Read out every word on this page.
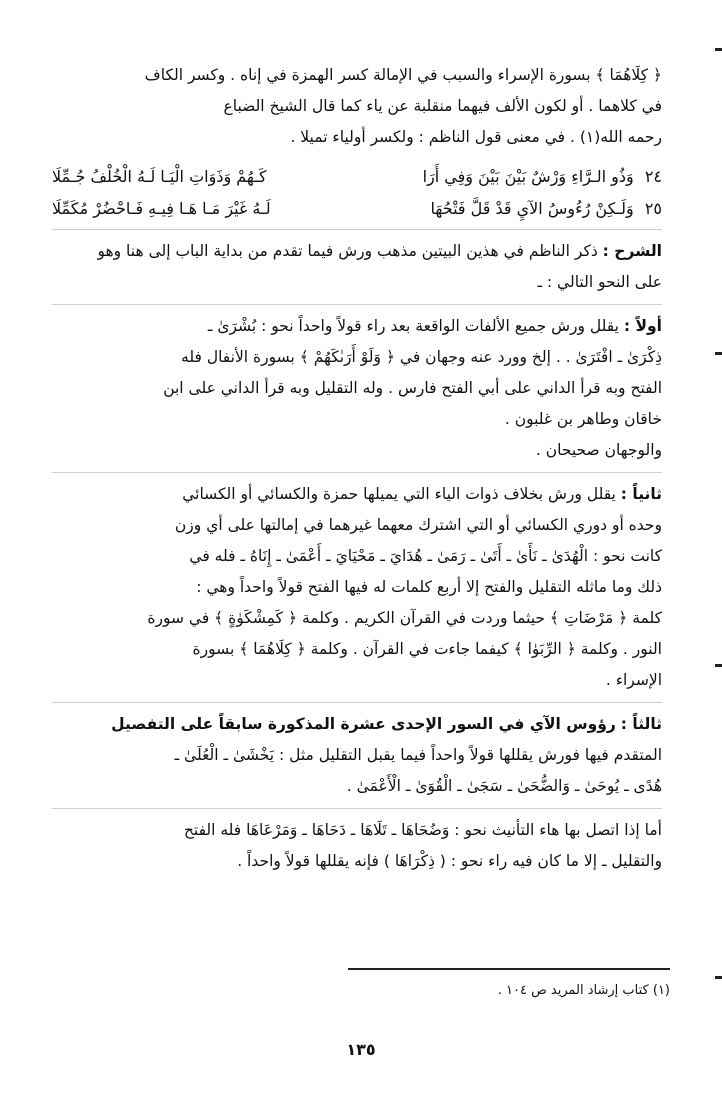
﴿ كِلَاهُمَا ﴾ بسورة الإسراء والسبب في الإمالة كسر الهمزة في إناه . وكسر الكاف
في كلاهما . أو لكون الألف فيهما منقلبة عن ياء كما قال الشيخ الضباع
رحمه الله(١) . في معنى قول الناظم : ولكسر أولياء تميلا .
٢٤ وَذُو الـرَّاءِ وَرْشٌ بَيْنَ بَيْنَ وَفِي أَرَا
كَـهُمْ وَذَوَاتِ الْيَـا لَـهُ الْخُلْفُ جُـمِّلَا
٢٥ وَلَـكِنْ رُءُوسُ الآيِ قَدْ قَلَّ فَتْحُهَا
لَـهُ غَيْرَ مَـا هَـا فِيـهِ فَـاحْضُرْ مُكَمِّلَا
الشرح : ذكر الناظم في هذين البيتين مذهب ورش فيما تقدم من بداية الباب إلى هنا وهو
على النحو التالي : ـ
أولاً : يقلل ورش جميع الألفات الواقعة بعد راء قولاً واحداً نحو : بُشْرَىٰ ـ
ذِكْرَىٰ ـ افْتَرَىٰ . . إلخ وورد عنه وجهان في ﴿ وَلَوْ أَرَىٰكَهُمْ ﴾ بسورة الأنفال فله
الفتح وبه قرأ الداني على أبي الفتح فارس . وله التقليل وبه قرأ الداني على ابن
خاقان وطاهر بن غلبون .
والوجهان صحيحان .
ثانياً : يقلل ورش بخلاف ذوات الياء التي يميلها حمزة والكسائي أو الكسائي
وحده أو دوري الكسائي أو التي اشترك معهما غيرهما في إمالتها على أي وزن
كانت نحو : الْهُدَىٰ ـ نَأَىٰ ـ أَتَىٰ ـ رَمَىٰ ـ هُدَايَ ـ مَحْيَايَ ـ أَعْمَىٰ ـ إِنَاهُ ـ فله في
ذلك وما ماثله التقليل والفتح إلا أربع كلمات له فيها الفتح قولاً واحداً وهي :
كلمة ﴿ مَرْضَاتِ ﴾ حيثما وردت في القرآن الكريم . وكلمة ﴿ كَمِشْكَوٰةٍ ﴾ في سورة
النور . وكلمة ﴿ الرِّبَوٰا ﴾ كيفما جاءت في القرآن . وكلمة ﴿ كِلَاهُمَا ﴾ بسورة
الإسراء .
ثالثاً : رؤوس الآي في السور الإحدى عشرة المذكورة سابقاً على التفصيل
المتقدم فيها فورش يقللها قولاً واحداً فيما يقبل التقليل مثل : يَخْشَىٰ ـ الْعُلَىٰ ـ
هُدًى ـ يُوحَىٰ ـ وَالضُّحَىٰ ـ سَجَىٰ ـ الْقُوَىٰ ـ الْأَعْمَىٰ .
أما إذا اتصل بها هاء التأنيث نحو : وَضُحَاهَا ـ تَلَاهَا ـ دَحَاهَا ـ وَمَرْعَاهَا فله الفتح
والتقليل ـ إلا ما كان فيه راء نحو : ( ذِكْرَاهَا ) فإنه يقللها قولاً واحداً .
(١) كتاب إرشاد المريد ص ١٠٤ .
١٣٥
